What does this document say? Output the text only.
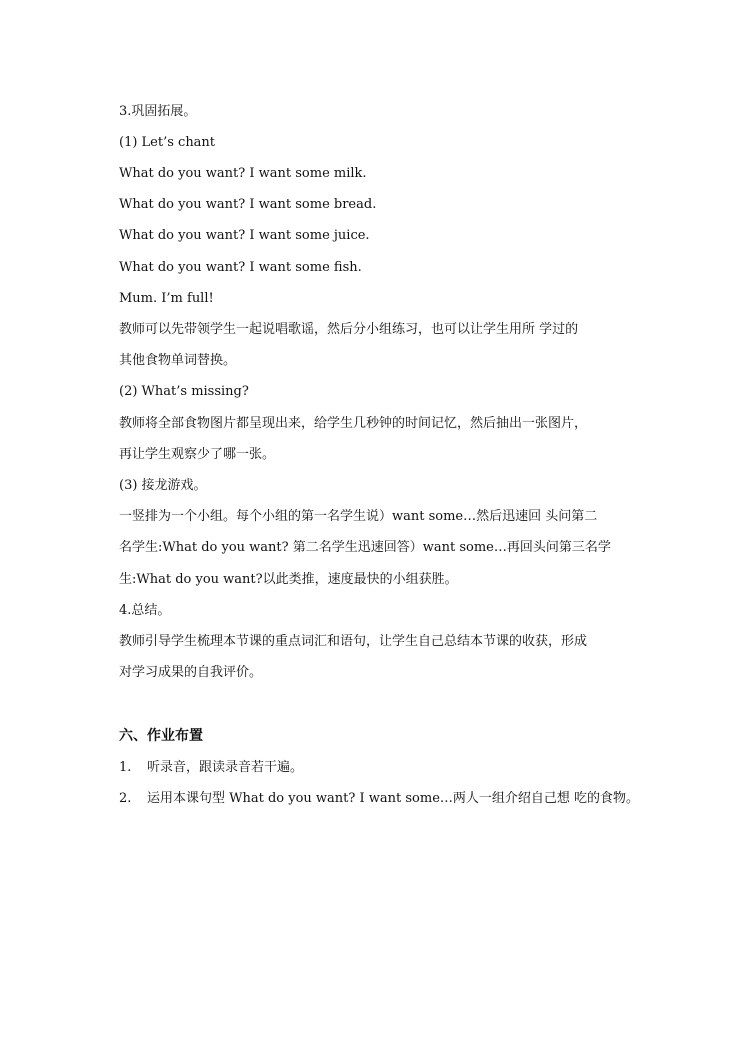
3.巩固拓展。
(1) Let’s chant
What do you want? I want some milk.
What do you want? I want some bread.
What do you want? I want some juice.
What do you want? I want some fish.
Mum. I’m full!
教师可以先带领学生一起说唱歌谣，然后分小组练习，也可以让学生用所 学过的
其他食物单词替换。
(2) What’s missing?
教师将全部食物图片都呈现出来，给学生几秒钟的时间记忆，然后抽出一张图片，
再让学生观察少了哪一张。
(3) 接龙游戏。
一竖排为一个小组。每个小组的第一名学生说）want some…然后迅速回 头问第二
名学生:What do you want? 第二名学生迅速回答）want some…再回头问第三名学
生:What do you want?以此类推，速度最快的小组获胜。
4.总结。
教师引导学生梳理本节课的重点词汇和语句，让学生自己总结本节课的收获，形成
对学习成果的自我评价。
六、作业布置
1. 听录音，跟读录音若干遍。
2. 运用本课句型 What do you want? I want some…两人一组介绍自己想 吃的食物。
